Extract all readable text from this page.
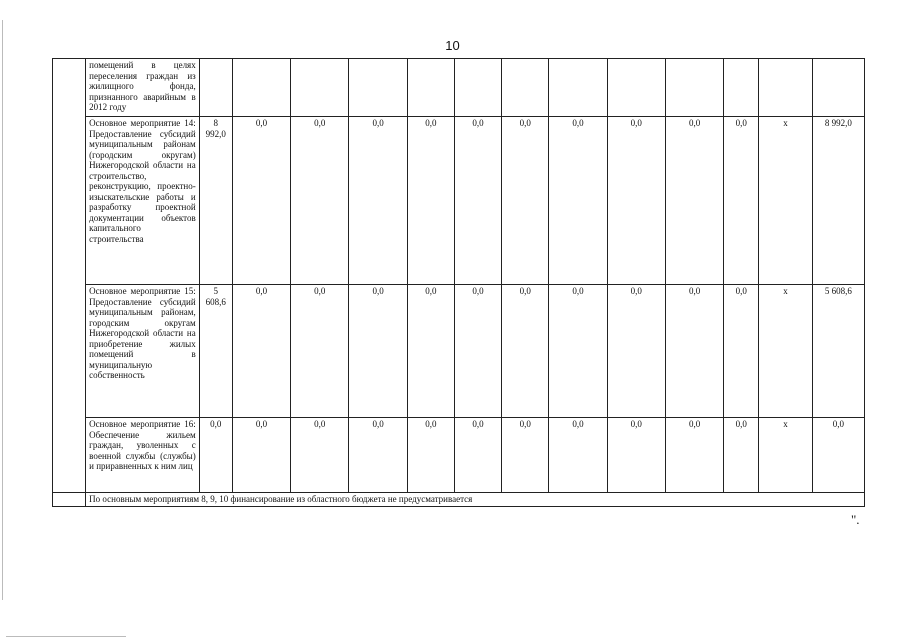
10
	помещений в целях переселения граждан из жилищного фонда, признанного аварийным в 2012 году													
	Основное мероприятие 14: Предоставление субсидий муниципальным районам (городским округам) Нижегородской области на строительство, реконструкцию, проектно-изыскательские работы и разработку проектной документации объектов капитального строительства	8 992,0	0,0	0,0	0,0	0,0	0,0	0,0	0,0	0,0	0,0	0,0	x	8 992,0
	Основное мероприятие 15: Предоставление субсидий муниципальным районам, городским округам Нижегородской области на приобретение жилых помещений в муниципальную собственность	5 608,6	0,0	0,0	0,0	0,0	0,0	0,0	0,0	0,0	0,0	0,0	x	5 608,6
	Основное мероприятие 16: Обеспечение жильем граждан, уволенных с военной службы (службы) и приравненных к ним лиц	0,0	0,0	0,0	0,0	0,0	0,0	0,0	0,0	0,0	0,0	0,0	x	0,0
	По основным мероприятиям 8, 9, 10 финансирование из областного бюджета не предусматривается													
".
